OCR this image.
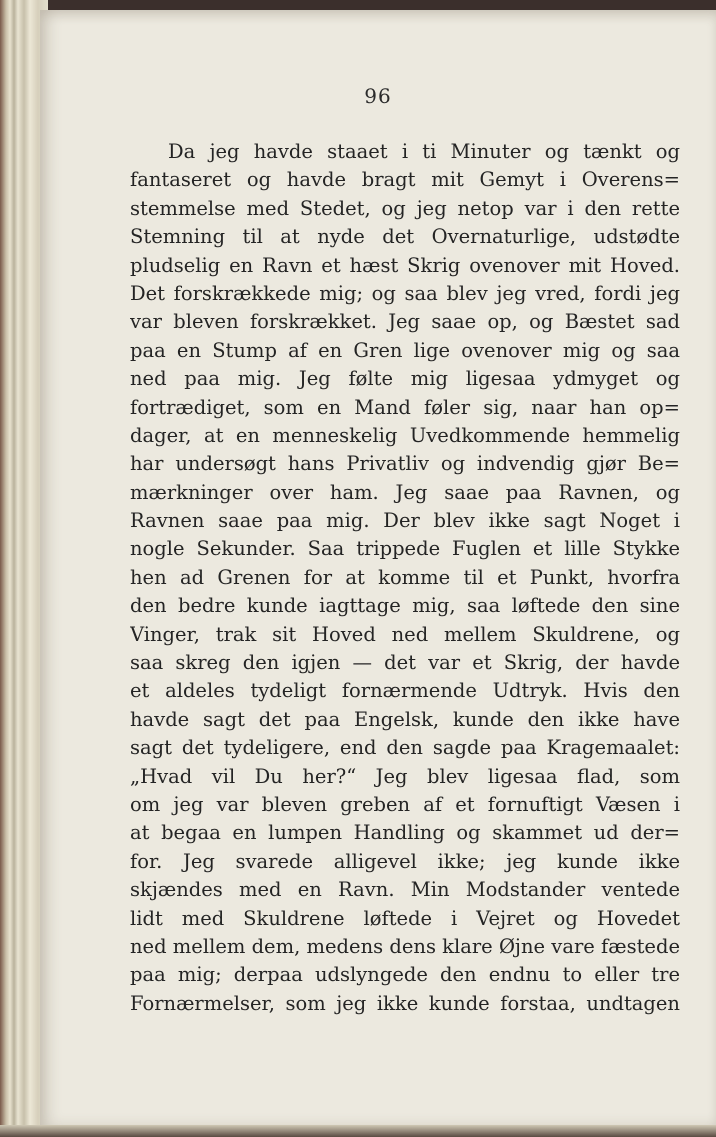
96
Da jeg havde staaet i ti Minuter og tænkt og
fantaseret og havde bragt mit Gemyt i Overens=
stemmelse med Stedet, og jeg netop var i den rette
Stemning til at nyde det Overnaturlige, udstødte
pludselig en Ravn et hæst Skrig ovenover mit Hoved.
Det forskrækkede mig; og saa blev jeg vred, fordi jeg
var bleven forskrækket. Jeg saae op, og Bæstet sad
paa en Stump af en Gren lige ovenover mig og saa
ned paa mig. Jeg følte mig ligesaa ydmyget og
fortrædiget, som en Mand føler sig, naar han op=
dager, at en menneskelig Uvedkommende hemmelig
har undersøgt hans Privatliv og indvendig gjør Be=
mærkninger over ham. Jeg saae paa Ravnen, og
Ravnen saae paa mig. Der blev ikke sagt Noget i
nogle Sekunder. Saa trippede Fuglen et lille Stykke
hen ad Grenen for at komme til et Punkt, hvorfra
den bedre kunde iagttage mig, saa løftede den sine
Vinger, trak sit Hoved ned mellem Skuldrene, og
saa skreg den igjen — det var et Skrig, der havde
et aldeles tydeligt fornærmende Udtryk. Hvis den
havde sagt det paa Engelsk, kunde den ikke have
sagt det tydeligere, end den sagde paa Kragemaalet:
„Hvad vil Du her?“ Jeg blev ligesaa flad, som
om jeg var bleven greben af et fornuftigt Væsen i
at begaa en lumpen Handling og skammet ud der=
for. Jeg svarede alligevel ikke; jeg kunde ikke
skjændes med en Ravn. Min Modstander ventede
lidt med Skuldrene løftede i Vejret og Hovedet
ned mellem dem, medens dens klare Øjne vare fæstede
paa mig; derpaa udslyngede den endnu to eller tre
Fornærmelser, som jeg ikke kunde forstaa, undtagen
